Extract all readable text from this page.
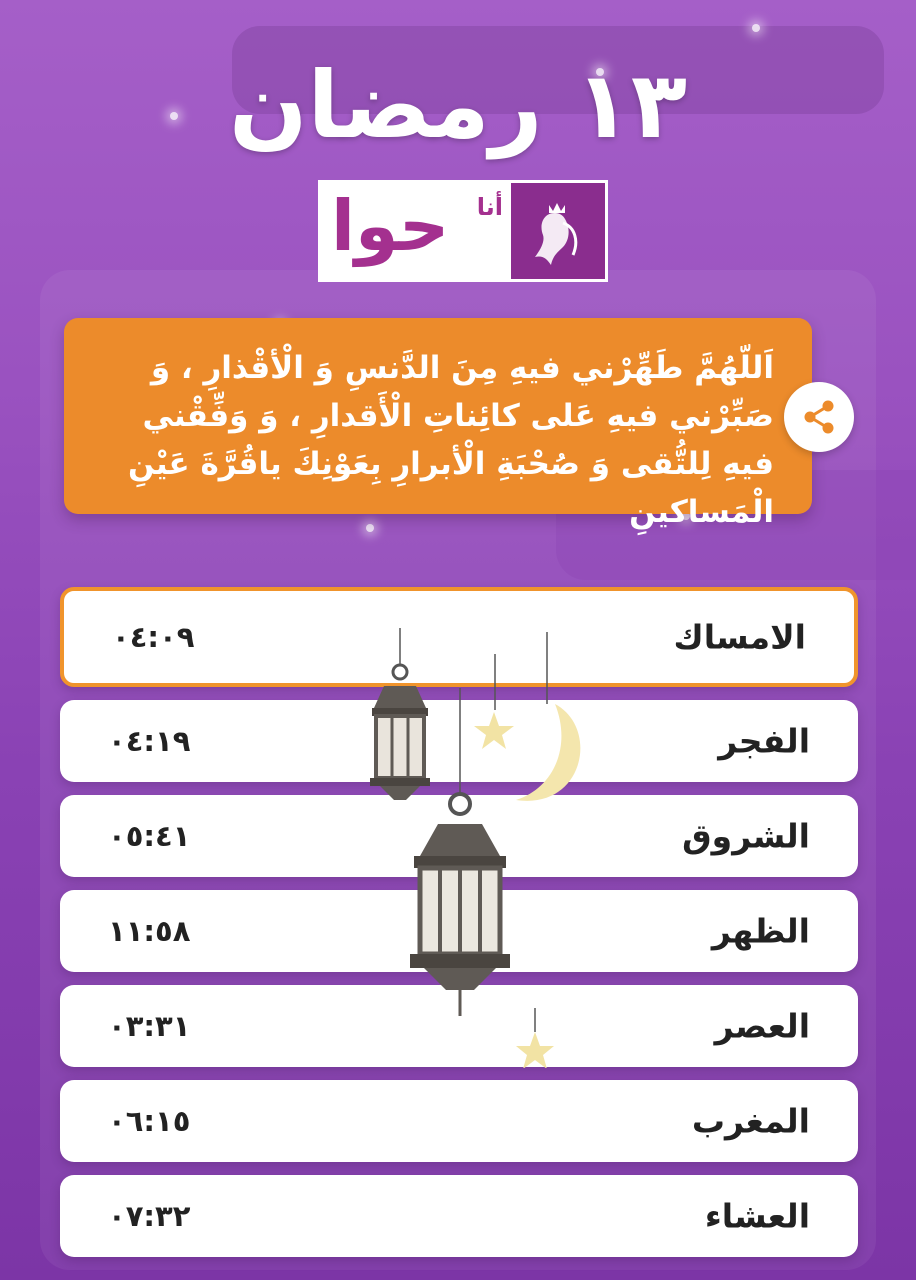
١٣ رمضان
حوا أنا
اَللّهُمَّ طَهِّرْني فيهِ مِنَ الدَّنسِ وَ الْأقْذارِ ، وَ صَبِّرْني فيهِ عَلى كائِناتِ الْأَقدارِ ، وَ وَفِّقْني فيهِ لِلتُّقى وَ صُحْبَةِ الْأبرارِ بِعَوْنِكَ ياقُرَّةَ عَيْنِ الْمَساكينِ
الامساك
٠٤:٠٩
الفجر
٠٤:١٩
الشروق
٠٥:٤١
الظهر
١١:٥٨
العصر
٠٣:٣١
المغرب
٠٦:١٥
العشاء
٠٧:٣٢
